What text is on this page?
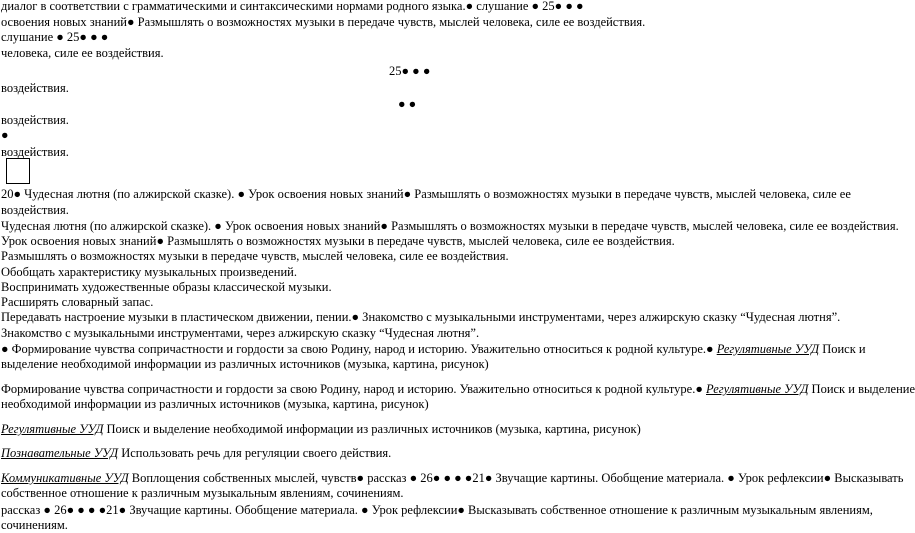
диалог в соответствии с грамматическими и синтаксическими нормами родного языка.● слушание ● 25● ● ●
освоения новых знаний● Размышлять о возможностях музыки в передаче чувств, мыслей человека, силе ее воздействия.
слушание ● 25● ● ●
человека, силе ее воздействия.
25● ● ●
воздействия.
● ●
воздействия.
●
воздействия.
20● Чудесная лютня (по алжирской сказке). ● Урок освоения новых знаний● Размышлять о возможностях музыки в передаче чувств, мыслей человека, силе ее
воздействия.
Чудесная лютня (по алжирской сказке). ● Урок освоения новых знаний● Размышлять о возможностях музыки в передаче чувств, мыслей человека, силе ее воздействия.
Урок освоения новых знаний● Размышлять о возможностях музыки в передаче чувств, мыслей человека, силе ее воздействия.
Размышлять о возможностях музыки в передаче чувств, мыслей человека, силе ее воздействия.
Обобщать характеристику музыкальных произведений.
Воспринимать художественные образы классической музыки.
Расширять словарный запас.
Передавать настроение музыки в пластическом движении, пении.● Знакомство с музыкальными инструментами, через алжирскую сказку “Чудесная лютня”.
Знакомство с музыкальными инструментами, через алжирскую сказку “Чудесная лютня”.
● Формирование чувства сопричастности и гордости за свою Родину, народ и историю. Уважительно относиться к родной культуре.● Регулятивные УУД Поиск и
выделение необходимой информации из различных источников (музыка, картина, рисунок)
Формирование чувства сопричастности и гордости за свою Родину, народ и историю. Уважительно относиться к родной культуре.● Регулятивные УУД Поиск и выделение
необходимой информации из различных источников (музыка, картина, рисунок)
Регулятивные УУД Поиск и выделение необходимой информации из различных источников (музыка, картина, рисунок)
Познавательные УУД Использовать речь для регуляции своего действия.
Коммуникативные УУД Воплощения собственных мыслей, чувств● рассказ ● 26● ● ● ●21● Звучащие картины. Обобщение материала. ● Урок рефлексии● Высказывать
собственное отношение к различным музыкальным явлениям, сочинениям.
рассказ ● 26● ● ● ●21● Звучащие картины. Обобщение материала. ● Урок рефлексии● Высказывать собственное отношение к различным музыкальным явлениям,
сочинениям.
